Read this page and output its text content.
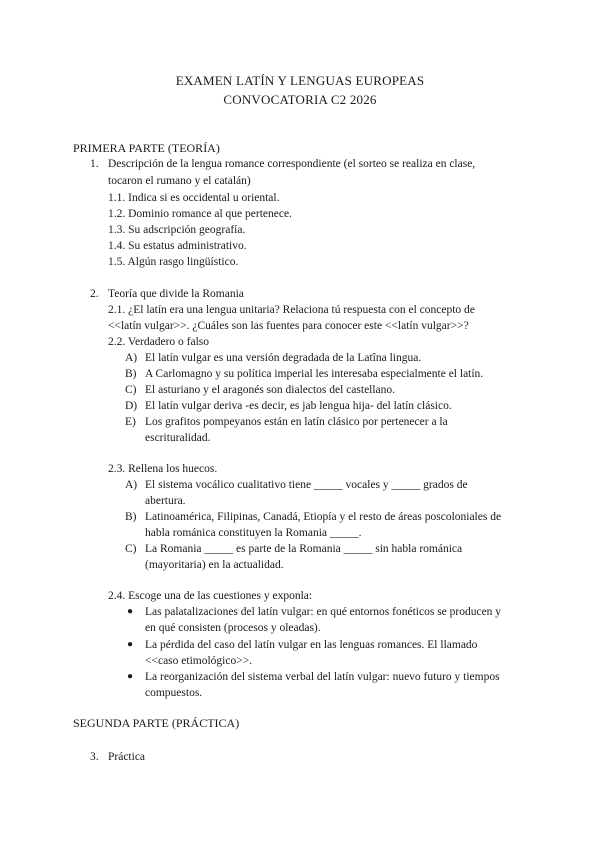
EXAMEN LATÍN Y LENGUAS EUROPEAS
CONVOCATORIA C2 2026
PRIMERA PARTE (TEORÍA)
1. Descripción de la lengua romance correspondiente (el sorteo se realiza en clase,
tocaron el rumano y el catalán)
1.1. Indica si es occidental u oriental.
1.2. Dominio romance al que pertenece.
1.3. Su adscripción geografía.
1.4. Su estatus administrativo.
1.5. Algún rasgo lingüístico.
2. Teoría que divide la Romania
2.1. ¿El latín era una lengua unitaria? Relaciona tú respuesta con el concepto de
<<latín vulgar>>. ¿Cuáles son las fuentes para conocer este <<latín vulgar>>?
2.2. Verdadero o falso
A) El latín vulgar es una versión degradada de la Latîna lingua.
B) A Carlomagno y su política imperial les interesaba especialmente el latín.
C) El asturiano y el aragonés son dialectos del castellano.
D) El latín vulgar deriva -es decir, es jab lengua hija- del latín clásico.
E) Los grafitos pompeyanos están en latín clásico por pertenecer a la
escrituralidad.
2.3. Rellena los huecos.
A) El sistema vocálico cualitativo tiene _____ vocales y _____ grados de
abertura.
B) Latinoamérica, Filipinas, Canadá, Etiopía y el resto de áreas poscoloniales de
habla románica constituyen la Romania _____.
C) La Romania _____ es parte de la Romania _____ sin habla románica
(mayoritaria) en la actualidad.
2.4. Escoge una de las cuestiones y exponla:
●	Las palatalizaciones del latín vulgar: en qué entornos fonéticos se producen y
en qué consisten (procesos y oleadas).
●	La pérdida del caso del latín vulgar en las lenguas romances. El llamado
<<caso etimológico>>.
●	La reorganización del sistema verbal del latín vulgar: nuevo futuro y tiempos
compuestos.
SEGUNDA PARTE (PRÁCTICA)
3. Práctica
